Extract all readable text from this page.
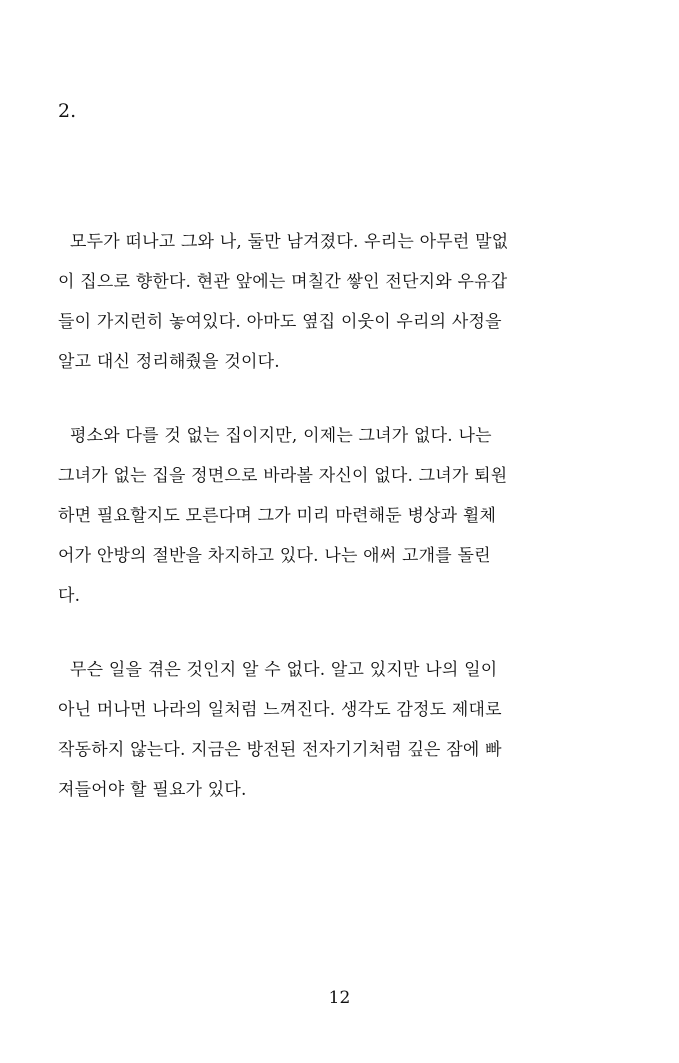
2.

모두가 떠나고 그와 나, 둘만 남겨졌다. 우리는 아무런 말없
이 집으로 향한다. 현관 앞에는 며칠간 쌓인 전단지와 우유갑
들이 가지런히 놓여있다. 아마도 옆집 이웃이 우리의 사정을
알고 대신 정리해줬을 것이다.

평소와 다를 것 없는 집이지만, 이제는 그녀가 없다. 나는
그녀가 없는 집을 정면으로 바라볼 자신이 없다. 그녀가 퇴원
하면 필요할지도 모른다며 그가 미리 마련해둔 병상과 휠체
어가 안방의 절반을 차지하고 있다. 나는 애써 고개를 돌린
다.

무슨 일을 겪은 것인지 알 수 없다. 알고 있지만 나의 일이
아닌 머나먼 나라의 일처럼 느껴진다. 생각도 감정도 제대로
작동하지 않는다. 지금은 방전된 전자기기처럼 깊은 잠에 빠
져들어야 할 필요가 있다.

12
